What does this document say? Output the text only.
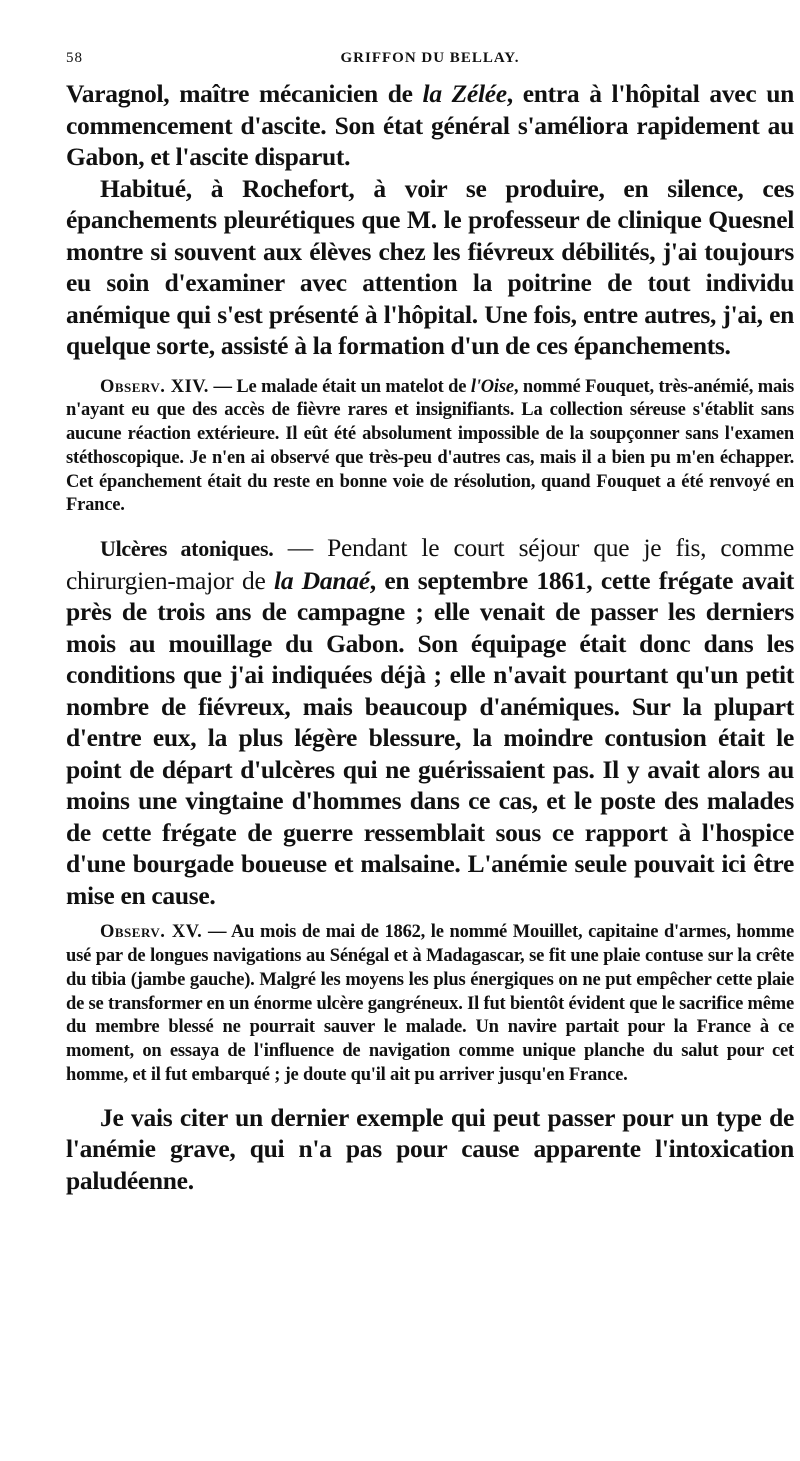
58	GRIFFON DU BELLAY.

Varagnol, maître mécanicien de la Zélée, entra à l'hôpital avec un commencement d'ascite. Son état général s'améliora rapidement au Gabon, et l'ascite disparut.

Habitué, à Rochefort, à voir se produire, en silence, ces épanchements pleurétiques que M. le professeur de clinique Quesnel montre si souvent aux élèves chez les fiévreux débilités, j'ai toujours eu soin d'examiner avec attention la poitrine de tout individu anémique qui s'est présenté à l'hôpital. Une fois, entre autres, j'ai, en quelque sorte, assisté à la formation d'un de ces épanchements.

Observ. XIV. — Le malade était un matelot de l'Oise, nommé Fouquet, très-anémié, mais n'ayant eu que des accès de fièvre rares et insignifiants. La collection séreuse s'établit sans aucune réaction extérieure. Il eût été absolument impossible de la soupçonner sans l'examen stéthoscopique. Je n'en ai observé que très-peu d'autres cas, mais il a bien pu m'en échapper. Cet épanchement était du reste en bonne voie de résolution, quand Fouquet a été renvoyé en France.

Ulcères atoniques. — Pendant le court séjour que je fis, comme chirurgien-major de la Danaé, en septembre 1861, cette frégate avait près de trois ans de campagne ; elle venait de passer les derniers mois au mouillage du Gabon. Son équipage était donc dans les conditions que j'ai indiquées déjà ; elle n'avait pourtant qu'un petit nombre de fiévreux, mais beaucoup d'anémiques. Sur la plupart d'entre eux, la plus légère blessure, la moindre contusion était le point de départ d'ulcères qui ne guérissaient pas. Il y avait alors au moins une vingtaine d'hommes dans ce cas, et le poste des malades de cette frégate de guerre ressemblait sous ce rapport à l'hospice d'une bourgade boueuse et malsaine. L'anémie seule pouvait ici être mise en cause.

Observ. XV. — Au mois de mai de 1862, le nommé Mouillet, capitaine d'armes, homme usé par de longues navigations au Sénégal et à Madagascar, se fit une plaie contuse sur la crête du tibia (jambe gauche). Malgré les moyens les plus énergiques on ne put empêcher cette plaie de se transformer en un énorme ulcère gangréneux. Il fut bientôt évident que le sacrifice même du membre blessé ne pourrait sauver le malade. Un navire partait pour la France à ce moment, on essaya de l'influence de navigation comme unique planche du salut pour cet homme, et il fut embarqué ; je doute qu'il ait pu arriver jusqu'en France.

Je vais citer un dernier exemple qui peut passer pour un type de l'anémie grave, qui n'a pas pour cause apparente l'intoxication paludéenne.
